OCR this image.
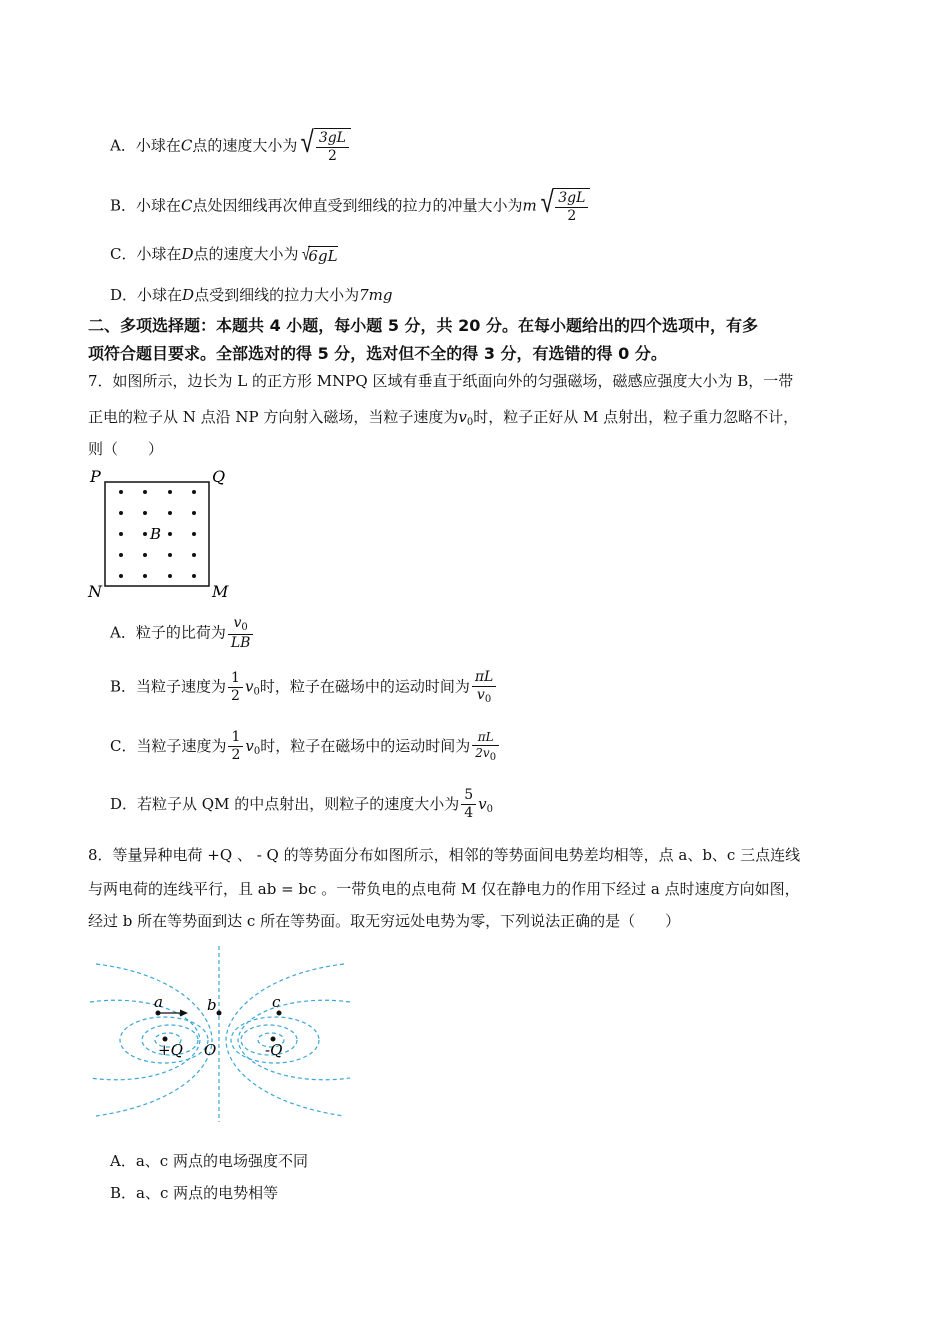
A．小球在C点的速度大小为 √ $\frac{3gL}{2}$
B．小球在C点处因细线再次伸直受到细线的拉力的冲量大小为m √ $\frac{3gL}{2}$
C．小球在D点的速度大小为 √
6gL
D．小球在D点受到细线的拉力大小为7mg
二、多项选择题：本题共 4 小题，每小题 5 分，共 20 分。在每小题给出的四个选项中，有多
项符合题目要求。全部选对的得 5 分，选对但不全的得 3 分，有选错的得 0 分。
7．如图所示，边长为 L 的正方形 MNPQ 区域有垂直于纸面向外的匀强磁场，磁感应强度大小为 B，一带
正电的粒子从 N 点沿 NP 方向射入磁场，当粒子速度为$v_0$时，粒子正好从 M 点射出，粒子重力忽略不计，
则（　　）
P	Q
N	M
B
A．粒子的比荷为 $\frac{v_0}{LB}$
B．当粒子速度为 $\frac{1}{2} v_0$时，粒子在磁场中的运动时间为 $\frac{\pi L}{v_0}$
C．当粒子速度为 $\frac{1}{2} v_0$时，粒子在磁场中的运动时间为 $\frac{\pi L}{2v_0}$
D．若粒子从 QM 的中点射出，则粒子的速度大小为 $\frac{5}{4} v_0$
8．等量异种电荷 +Q 、 - Q 的等势面分布如图所示，相邻的等势面间电势差均相等，点 a、b、c 三点连线
与两电荷的连线平行，且 ab = bc 。一带负电的点电荷 M 仅在静电力的作用下经过 a 点时速度方向如图，
经过 b 所在等势面到达 c 所在等势面。取无穷远处电势为零，下列说法正确的是（　　）
a	b	c
O
+Q	-Q
A．a、c 两点的电场强度不同
B．a、c 两点的电势相等
